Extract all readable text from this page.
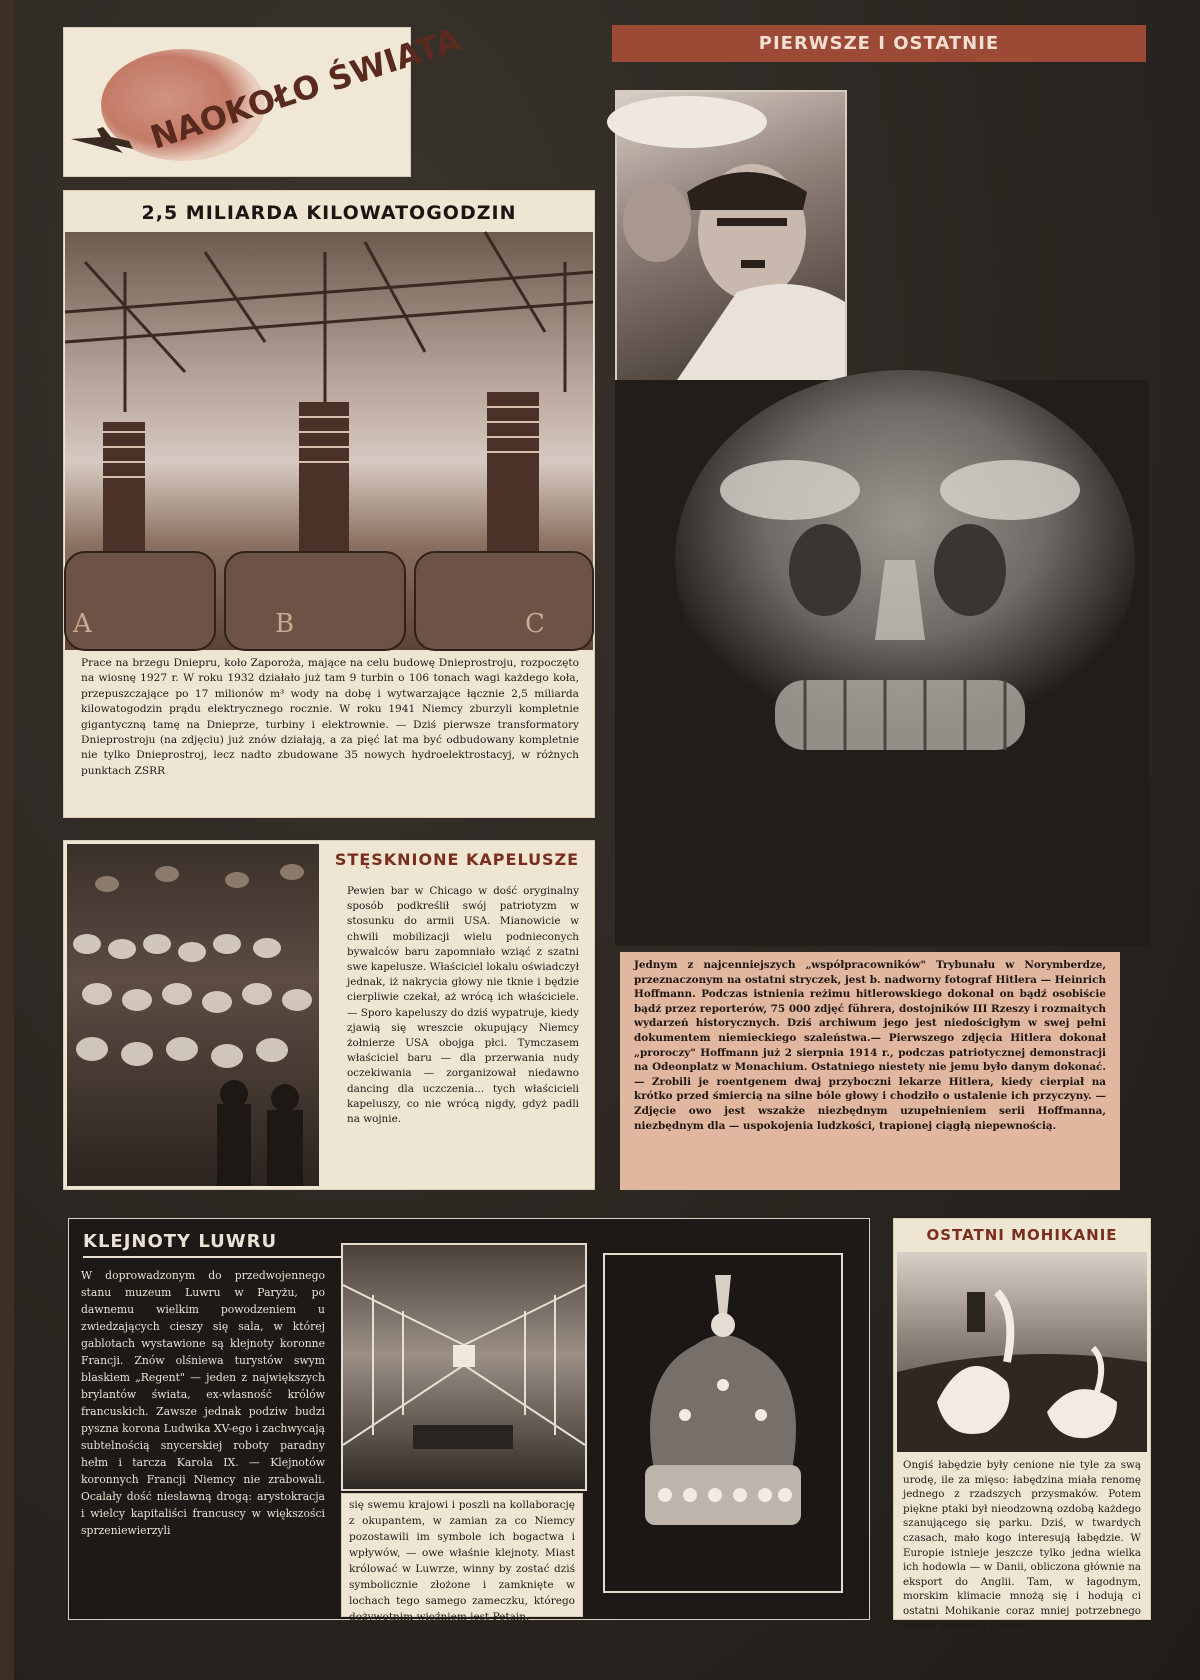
NAOKOŁO ŚWIATA
2,5 MILIARDA KILOWATOGODZIN
A	B	C
Prace na brzegu Dniepru, koło Zaporoża, mające na celu budowę Dnieprostroju, rozpoczęto na wiosnę 1927 r. W roku 1932 działało już tam 9 turbin o 106 tonach wagi każdego koła, przepuszczające po 17 milionów m³ wody na dobę i wytwarzające łącznie 2,5 miliarda kilowatogodzin prądu elektrycznego rocznie. W roku 1941 Niemcy zburzyli kompletnie gigantyczną tamę na Dnieprze, turbiny i elektrownie. — Dziś pierwsze transformatory Dnieprostroju (na zdjęciu) już znów działają, a za pięć lat ma być odbudowany kompletnie nie tylko Dnieprostroj, lecz nadto zbudowane 35 nowych hydroelektrostacyj, w różnych punktach ZSRR
STĘSKNIONE KAPELUSZE
Pewien bar w Chicago w dość oryginalny sposób podkreślił swój patriotyzm w stosunku do armii USA. Mianowicie w chwili mobilizacji wielu podnieconych bywalców baru zapomniało wziąć z szatni swe kapelusze. Właściciel lokalu oświadczył jednak, iż nakrycia głowy nie tknie i będzie cierpliwie czekał, aż wrócą ich właściciele. — Sporo kapeluszy do dziś wypatruje, kiedy zjawią się wreszcie okupujący Niemcy żołnierze USA obojga płci. Tymczasem właściciel baru — dla przerwania nudy oczekiwania — zorganizował niedawno dancing dla uczczenia... tych właścicieli kapeluszy, co nie wrócą nigdy, gdyż padli na wojnie.
PIERWSZE I OSTATNIE
Jednym z najcenniejszych „współpracowników" Trybunału w Norymberdze, przeznaczonym na ostatni stryczek, jest b. nadworny fotograf Hitlera — Heinrich Hoffmann. Podczas istnienia reżimu hitlerowskiego dokonał on bądź osobiście bądź przez reporterów, 75 000 zdjęć führera, dostojników III Rzeszy i rozmaitych wydarzeń historycznych. Dziś archiwum jego jest niedościgłym w swej pełni dokumentem niemieckiego szaleństwa.— Pierwszego zdjęcia Hitlera dokonał „proroczy" Hoffmann już 2 sierpnia 1914 r., podczas patriotycznej demonstracji na Odeonplatz w Monachium. Ostatniego niestety nie jemu było danym dokonać. — Zrobili je roentgenem dwaj przyboczni lekarze Hitlera, kiedy cierpiał na krótko przed śmiercią na silne bóle głowy i chodziło o ustalenie ich przyczyny. — Zdjęcie owo jest wszakże niezbędnym uzupełnieniem serii Hoffmanna, niezbędnym dla — uspokojenia ludzkości, trapionej ciągłą niepewnością.
KLEJNOTY LUWRU
W doprowadzonym do przedwojennego stanu muzeum Luwru w Paryżu, po dawnemu wielkim powodzeniem u zwiedzających cieszy się sala, w której gablotach wystawione są klejnoty koronne Francji. Znów olśniewa turystów swym blaskiem „Regent" — jeden z największych brylantów świata, ex-własność królów francuskich. Zawsze jednak podziw budzi pyszna korona Ludwika XV-ego i zachwycają subtelnością snycerskiej roboty paradny hełm i tarcza Karola IX. — Klejnotów koronnych Francji Niemcy nie zrabowali. Ocalały dość niesławną drogą: arystokracja i wielcy kapitaliści francuscy w większości sprzeniewierzyli
się swemu krajowi i poszli na kollaborację z okupantem, w zamian za co Niemcy pozostawili im symbole ich bogactwa i wpływów, — owe właśnie klejnoty. Miast królować w Luwrze, winny by zostać dziś symbolicznie złożone i zamknięte w lochach tego samego zameczku, którego dożywotnim więźniem jest Petain.
OSTATNI MOHIKANIE
Ongiś łabędzie były cenione nie tyle za swą urodę, ile za mięso: łabędzina miała renomę jednego z rzadszych przysmaków. Potem piękne ptaki był nieodzowną ozdobą każdego szanującego się parku. Dziś, w twardych czasach, mało kogo interesują łabędzie. W Europie istnieje jeszcze tylko jedna wielka ich hodowla — w Danii, obliczona głównie na eksport do Anglii. Tam, w łagodnym, morskim klimacie mnożą się i hodują ci ostatni Mohikanie coraz mniej potrzebnego światu naszemu piękna
